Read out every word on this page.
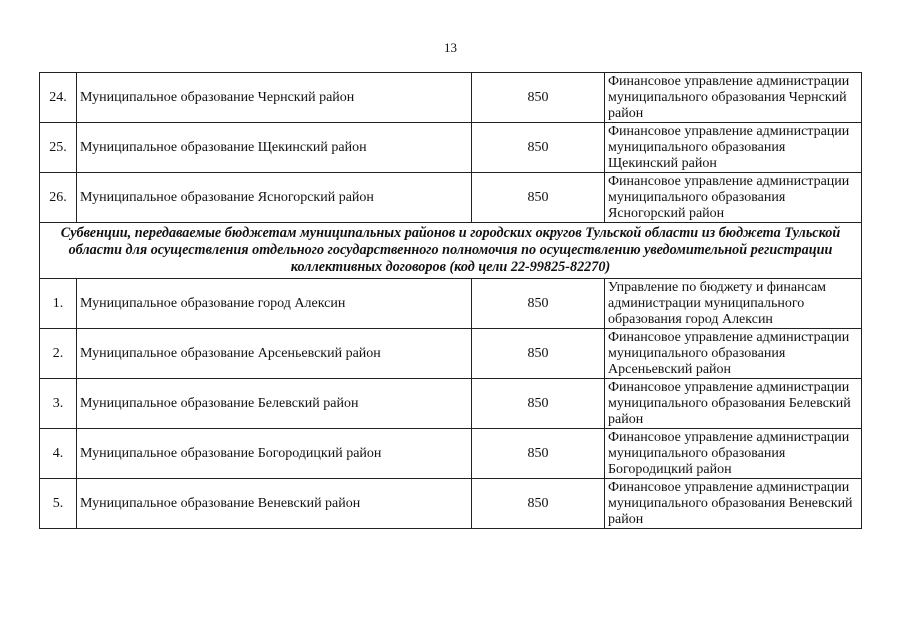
13
24.	Муниципальное образование Чернский район	850	Финансовое управление администрации муниципального образования Чернский район
25.	Муниципальное образование Щекинский район	850	Финансовое управление администрации муниципального образования Щекинский район
26.	Муниципальное образование Ясногорский район	850	Финансовое управление администрации муниципального образования Ясногорский район
Субвенции, передаваемые бюджетам муниципальных районов и городских округов Тульской области из бюджета Тульской области для осуществления отдельного государственного полномочия по осуществлению уведомительной регистрации коллективных договоров (код цели 22-99825-82270)			
1.	Муниципальное образование город Алексин	850	Управление по бюджету и финансам администрации муниципального образования город Алексин
2.	Муниципальное образование Арсеньевский район	850	Финансовое управление администрации муниципального образования Арсеньевский район
3.	Муниципальное образование Белевский район	850	Финансовое управление администрации муниципального образования Белевский район
4.	Муниципальное образование Богородицкий район	850	Финансовое управление администрации муниципального образования Богородицкий район
5.	Муниципальное образование Веневский район	850	Финансовое управление администрации муниципального образования Веневский район
